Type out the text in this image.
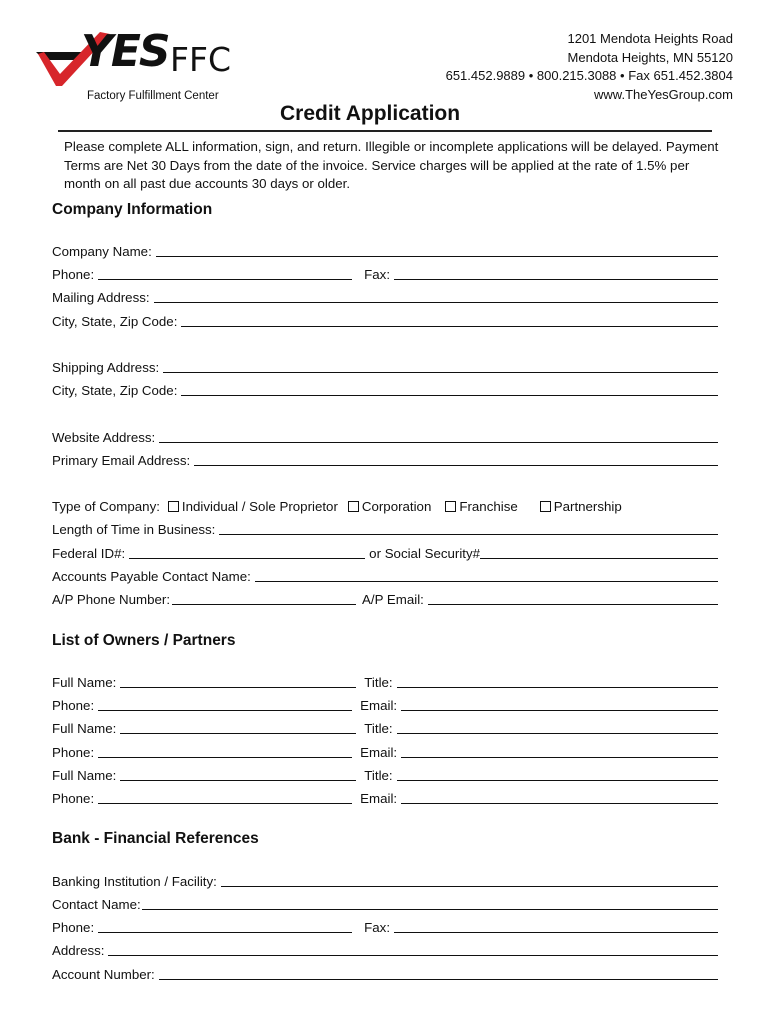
YES FFC
Factory Fulfillment Center
1201 Mendota Heights Road
Mendota Heights, MN 55120
651.452.9889 • 800.215.3088 • Fax 651.452.3804
www.TheYesGroup.com
Credit Application
Please complete ALL information, sign, and return. Illegible or incomplete applications will be delayed. Payment Terms are Net 30 Days from the date of the invoice. Service charges will be applied at the rate of 1.5% per month on all past due accounts 30 days or older.
Company Information
Company Name:
Phone:	Fax:
Mailing Address:
City, State, Zip Code:
Shipping Address:
City, State, Zip Code:
Website Address:
Primary Email Address:
Type of Company:	Individual / Sole Proprietor	Corporation	Franchise	Partnership
Length of Time in Business:
Federal ID#:	or Social Security#
Accounts Payable Contact Name:
A/P Phone Number:	A/P Email:
List of Owners / Partners
Full Name:	Title:
Phone:	Email:
Full Name:	Title:
Phone:	Email:
Full Name:	Title:
Phone:	Email:
Bank - Financial References
Banking Institution / Facility:
Contact Name:
Phone:	Fax:
Address:
Account Number:
